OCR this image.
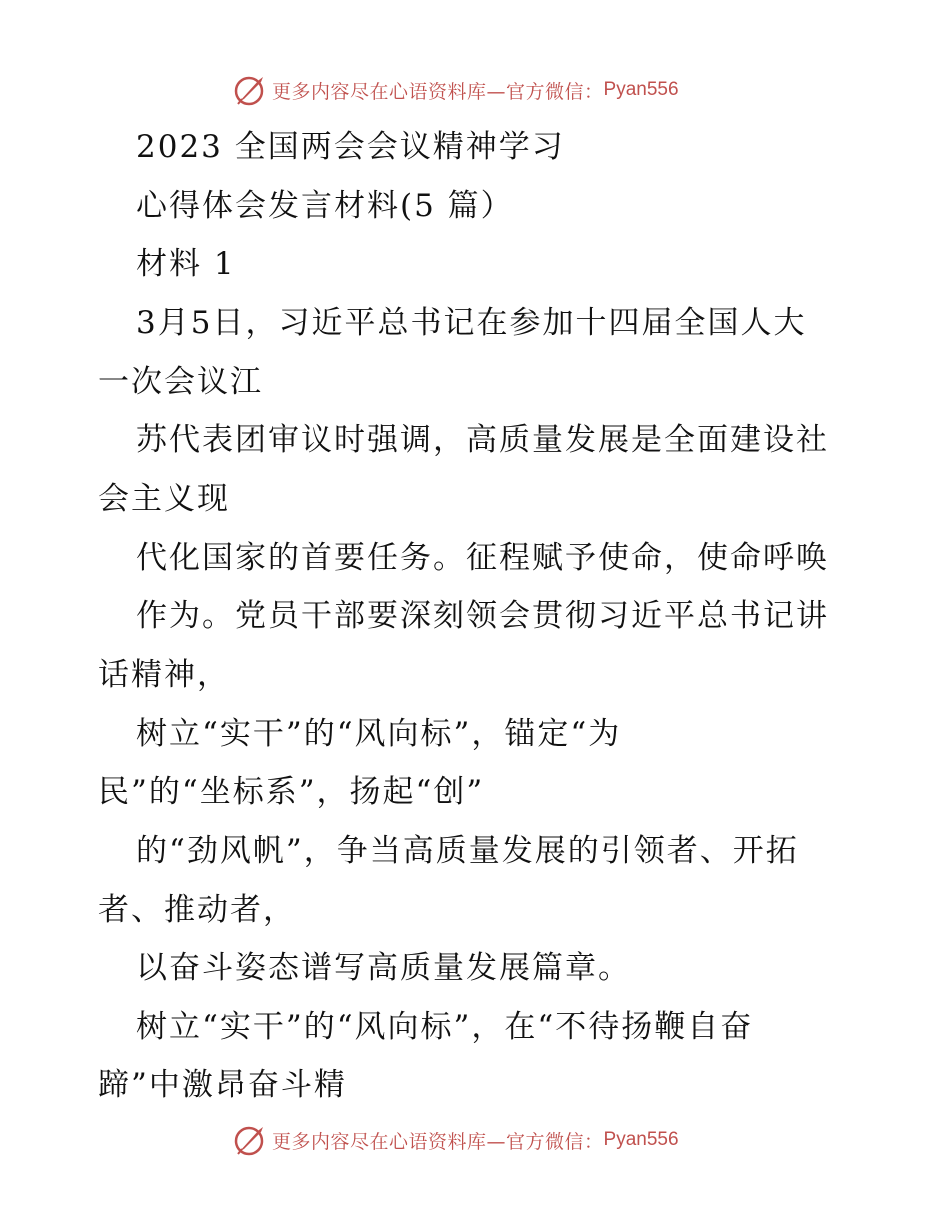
更多内容尽在心语资料库—官方微信： Pyan556
2023 全国两会会议精神学习
心得体会发言材料(5 篇）
材料 1
3月5日，习近平总书记在参加十四届全国人大
一次会议江
苏代表团审议时强调，高质量发展是全面建设社
会主义现
代化国家的首要任务。征程赋予使命，使命呼唤
作为。党员干部要深刻领会贯彻习近平总书记讲
话精神，
树立“实干”的“风向标”，锚定“为
民”的“坐标系”，扬起“创”
的“劲风帆”，争当高质量发展的引领者、开拓
者、推动者，
以奋斗姿态谱写高质量发展篇章。
树立“实干”的“风向标”，在“不待扬鞭自奋
蹄”中激昂奋斗精
更多内容尽在心语资料库—官方微信： Pyan556
